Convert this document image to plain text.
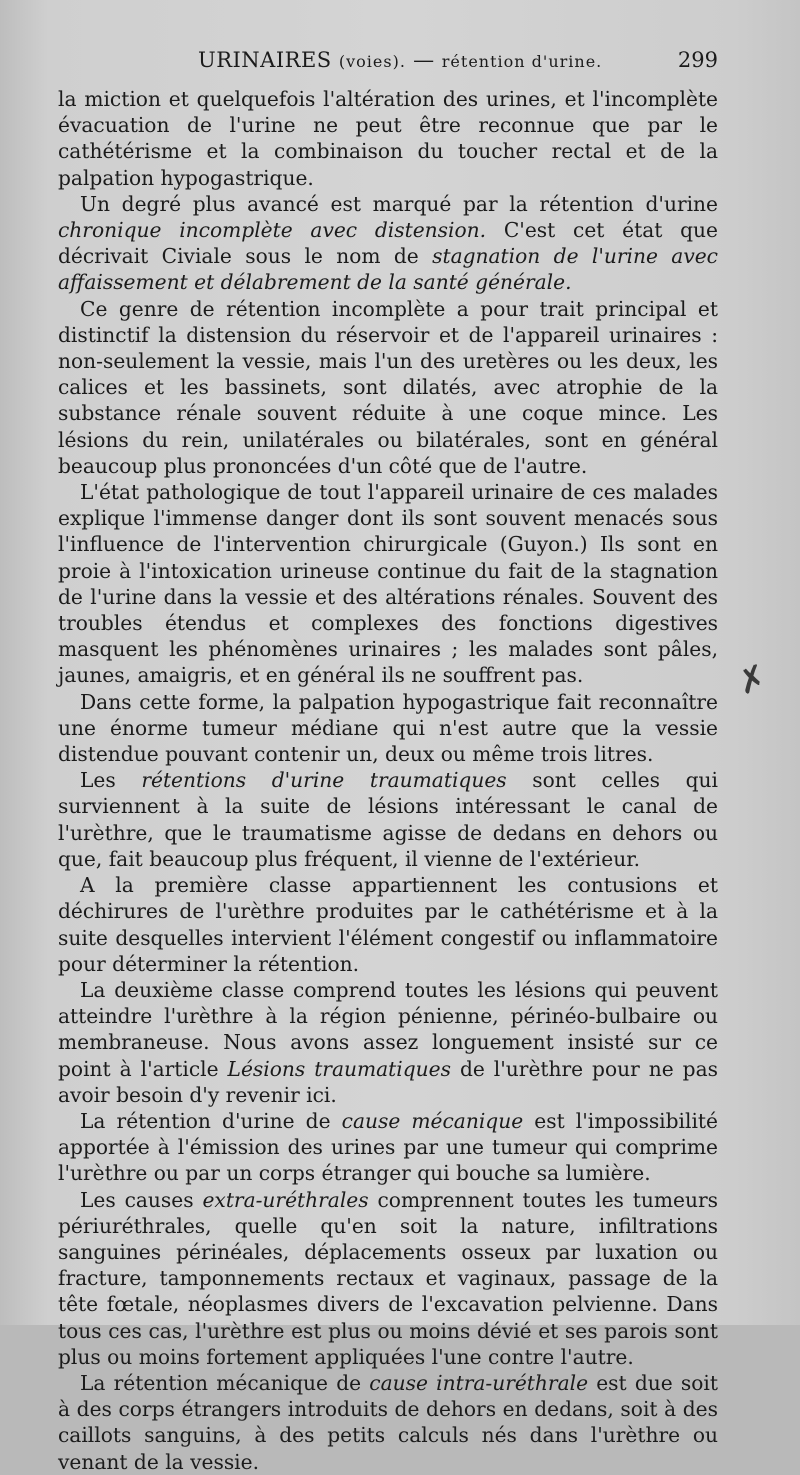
URINAIRES (voies). — rétention d'urine.	299

la miction et quelquefois l'altération des urines, et l'incomplète évacuation de l'urine ne peut être reconnue que par le cathétérisme et la combinaison du toucher rectal et de la palpation hypogastrique.

Un degré plus avancé est marqué par la rétention d'urine chronique incomplète avec distension. C'est cet état que décrivait Civiale sous le nom de stagnation de l'urine avec affaissement et délabrement de la santé générale.

Ce genre de rétention incomplète a pour trait principal et distinctif la distension du réservoir et de l'appareil urinaires : non-seulement la vessie, mais l'un des uretères ou les deux, les calices et les bassinets, sont dilatés, avec atrophie de la substance rénale souvent réduite à une coque mince. Les lésions du rein, unilatérales ou bilatérales, sont en général beaucoup plus prononcées d'un côté que de l'autre.

L'état pathologique de tout l'appareil urinaire de ces malades explique l'immense danger dont ils sont souvent menacés sous l'influence de l'intervention chirurgicale (Guyon.) Ils sont en proie à l'intoxication urineuse continue du fait de la stagnation de l'urine dans la vessie et des altérations rénales. Souvent des troubles étendus et complexes des fonctions digestives masquent les phénomènes urinaires ; les malades sont pâles, jaunes, amaigris, et en général ils ne souffrent pas.

Dans cette forme, la palpation hypogastrique fait reconnaître une énorme tumeur médiane qui n'est autre que la vessie distendue pouvant contenir un, deux ou même trois litres.

Les rétentions d'urine traumatiques sont celles qui surviennent à la suite de lésions intéressant le canal de l'urèthre, que le traumatisme agisse de dedans en dehors ou que, fait beaucoup plus fréquent, il vienne de l'extérieur.

A la première classe appartiennent les contusions et déchirures de l'urèthre produites par le cathétérisme et à la suite desquelles intervient l'élément congestif ou inflammatoire pour déterminer la rétention.

La deuxième classe comprend toutes les lésions qui peuvent atteindre l'urèthre à la région pénienne, périnéo-bulbaire ou membraneuse. Nous avons assez longuement insisté sur ce point à l'article Lésions traumatiques de l'urèthre pour ne pas avoir besoin d'y revenir ici.

La rétention d'urine de cause mécanique est l'impossibilité apportée à l'émission des urines par une tumeur qui comprime l'urèthre ou par un corps étranger qui bouche sa lumière.

Les causes extra-uréthrales comprennent toutes les tumeurs périuréthrales, quelle qu'en soit la nature, infiltrations sanguines périnéales, déplacements osseux par luxation ou fracture, tamponnements rectaux et vaginaux, passage de la tête fœtale, néoplasmes divers de l'excavation pelvienne. Dans tous ces cas, l'urèthre est plus ou moins dévié et ses parois sont plus ou moins fortement appliquées l'une contre l'autre.

La rétention mécanique de cause intra-uréthrale est due soit à des corps étrangers introduits de dehors en dedans, soit à des caillots sanguins, à des petits calculs nés dans l'urèthre ou venant de la vessie.

✗
